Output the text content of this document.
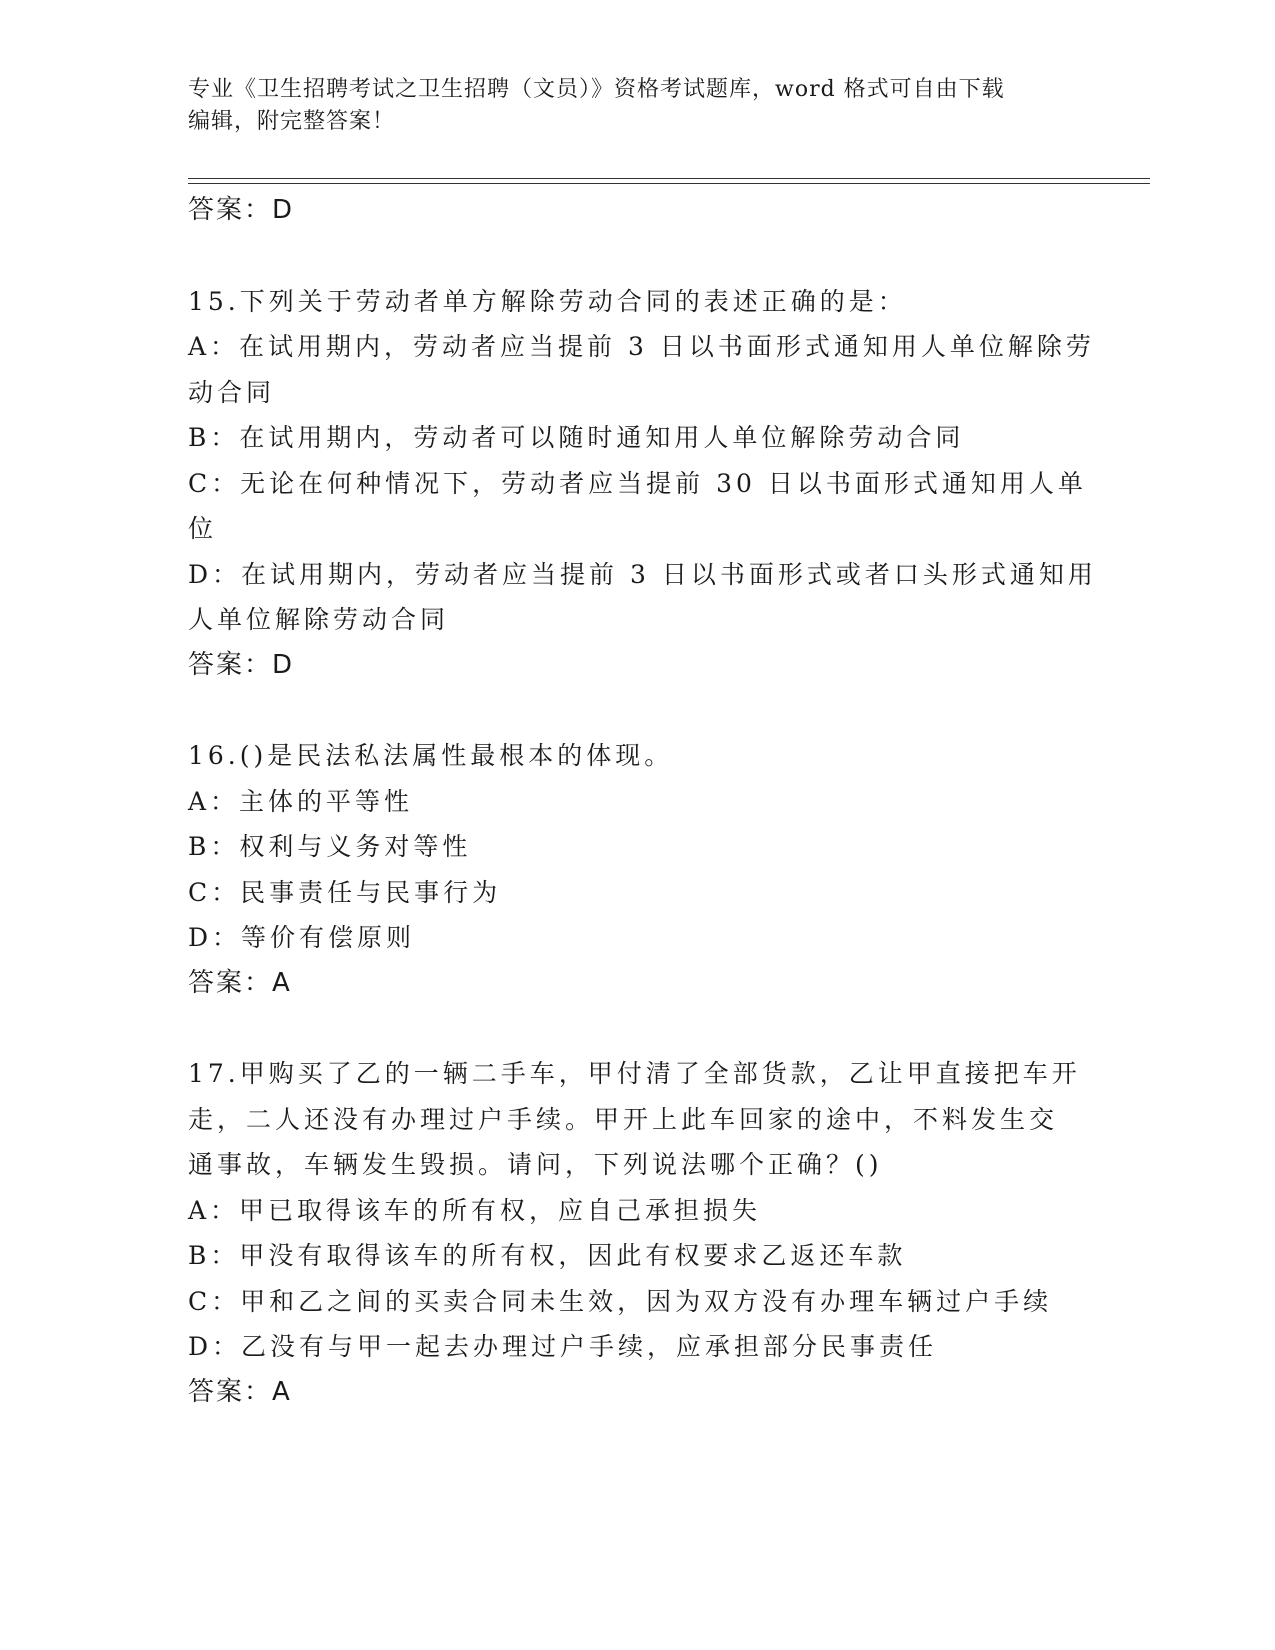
专业《卫生招聘考试之卫生招聘（文员）》资格考试题库，word 格式可自由下载
编辑，附完整答案！
答案：D
15.下列关于劳动者单方解除劳动合同的表述正确的是：
A：在试用期内，劳动者应当提前 3 日以书面形式通知用人单位解除劳
动合同
B：在试用期内，劳动者可以随时通知用人单位解除劳动合同
C：无论在何种情况下，劳动者应当提前 30 日以书面形式通知用人单
位
D：在试用期内，劳动者应当提前 3 日以书面形式或者口头形式通知用
人单位解除劳动合同
答案：D
16.()是民法私法属性最根本的体现。
A：主体的平等性
B：权利与义务对等性
C：民事责任与民事行为
D：等价有偿原则
答案：A
17.甲购买了乙的一辆二手车，甲付清了全部货款，乙让甲直接把车开
走，二人还没有办理过户手续。甲开上此车回家的途中，不料发生交
通事故，车辆发生毁损。请问，下列说法哪个正确？()
A：甲已取得该车的所有权，应自己承担损失
B：甲没有取得该车的所有权，因此有权要求乙返还车款
C：甲和乙之间的买卖合同未生效，因为双方没有办理车辆过户手续
D：乙没有与甲一起去办理过户手续，应承担部分民事责任
答案：A
